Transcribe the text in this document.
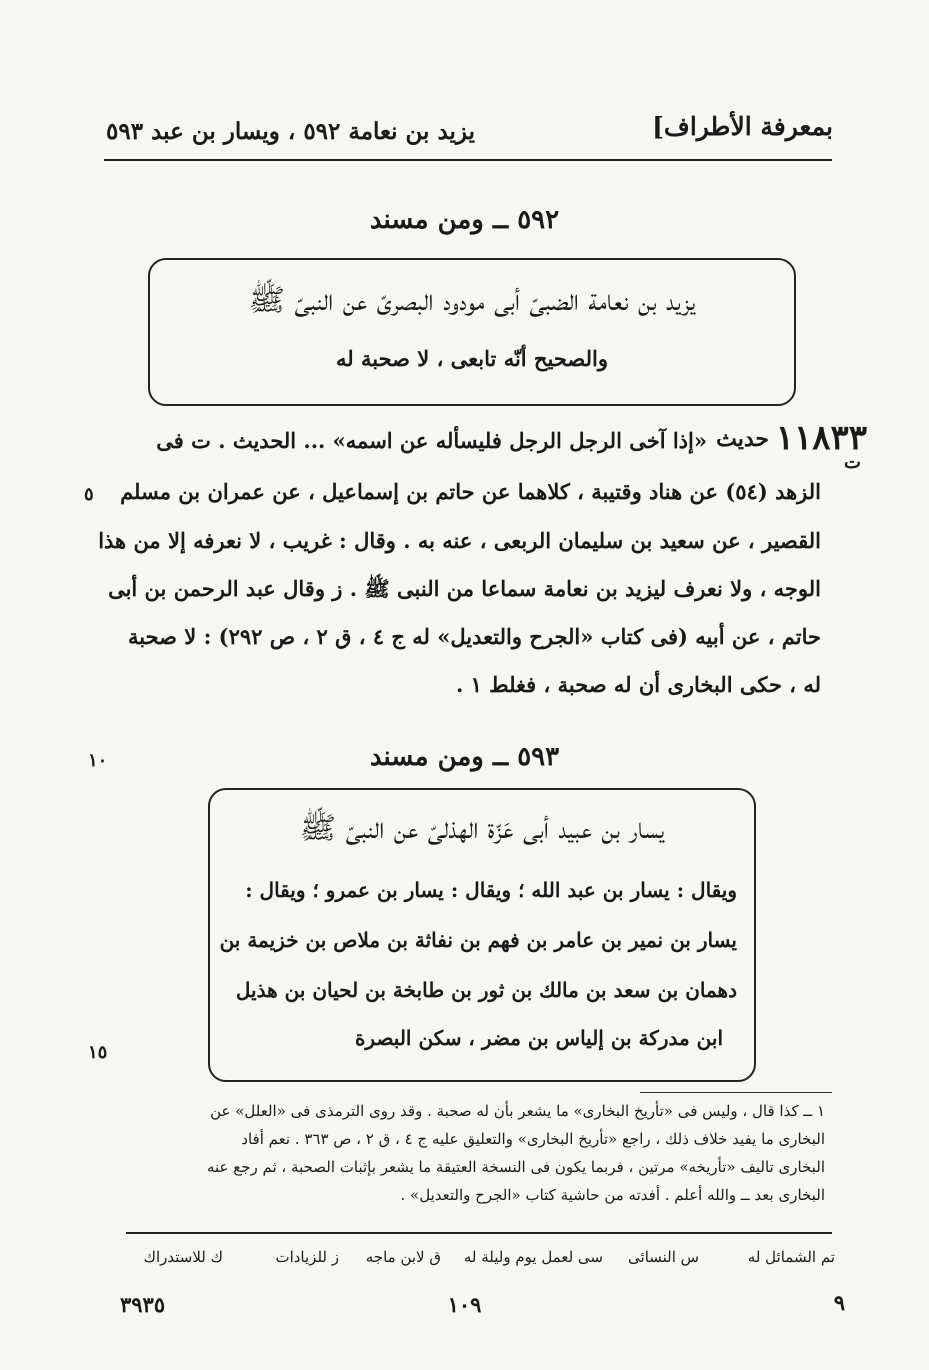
بمعرفة الأطراف]
يزيد بن نعامة ٥٩٢ ، ويسار بن عبد ٥٩٣
٥٩٢ ــ ومن مسند
يزيد بن نعامة الضبىّ أبى مودود البصرىّ عن النبىّ ﷺ
والصحيح أنّه تابعى ، لا صحبة له
١١٨٣٣
حديث
ت
«إذا آخى الرجل الرجل فليسأله عن اسمه» ... الحديث . ت فى
الزهد (٥٤) عن هناد وقتيبة ، كلاهما عن حاتم بن إسماعيل ، عن عمران بن مسلم
القصير ، عن سعيد بن سليمان الربعى ، عنه به . وقال : غريب ، لا نعرفه إلا من هذا
الوجه ، ولا نعرف ليزيد بن نعامة سماعا من النبى ﷺ . ز وقال عبد الرحمن بن أبى
حاتم ، عن أبيه (فى كتاب «الجرح والتعديل» له ج ٤ ، ق ٢ ، ص ٢٩٢) : لا صحبة
له ، حكى البخارى أن له صحبة ، فغلط ١ .
٥
١٠
١٥
٥٩٣ ــ ومن مسند
يسار بن عبيد أبى عَزّة الهذلىّ عن النبىّ ﷺ
ويقال : يسار بن عبد الله ؛ ويقال : يسار بن عمرو ؛ ويقال :
يسار بن نمير بن عامر بن فهم بن نفاثة بن ملاص بن خزيمة بن
دهمان بن سعد بن مالك بن ثور بن طابخة بن لحيان بن هذيل
ابن مدركة بن إلياس بن مضر ، سكن البصرة
١ ــ كذا قال ، وليس فى «تأريخ البخارى» ما يشعر بأن له صحبة . وقد روى الترمذى فى «العلل» عن
البخارى ما يفيد خلاف ذلك ، راجع «تأريخ البخارى» والتعليق عليه ج ٤ ، ق ٢ ، ص ٣٦٣ . نعم أفاد
البخارى تاليف «تأريخه» مرتين ، فربما يكون فى النسخة العتيقة ما يشعر بإثبات الصحبة ، ثم رجع عنه
البخارى بعد ــ والله أعلم . أفدته من حاشية كتاب «الجرح والتعديل» .
تم الشمائل له
س النسائى
سى لعمل يوم وليلة له
ق لابن ماجه
ز للزيادات
ك للاستدراك
٩
١٠٩
٣٩٣٥
